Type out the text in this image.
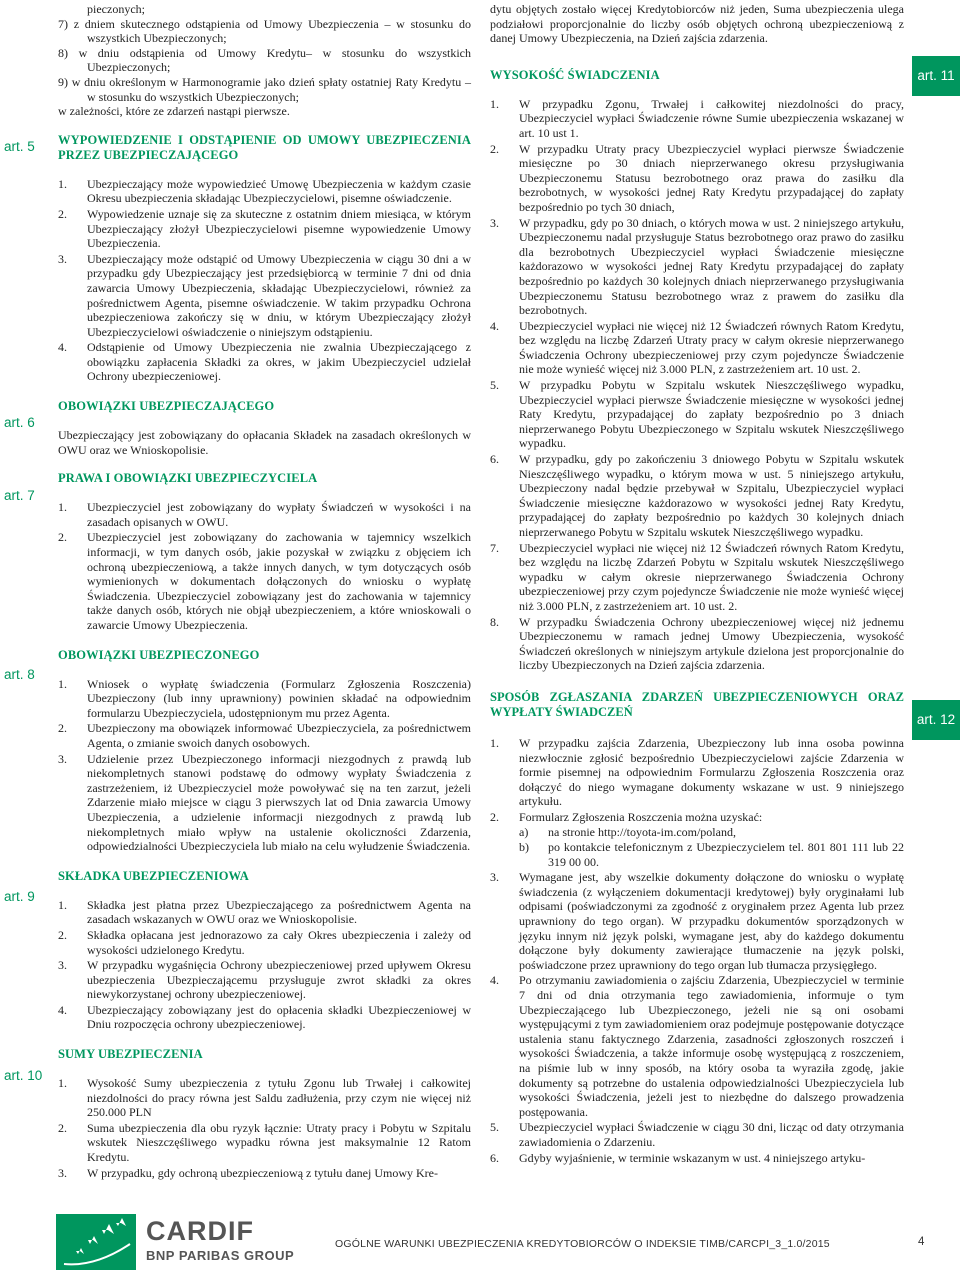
art. 5
art. 6
art. 7
art. 8
art. 9
art. 10
art. 11
art. 12
pieczonych;
7) z dniem skutecznego odstąpienia od Umowy Ubezpieczenia – w stosunku do wszystkich Ubezpieczonych;
8) w dniu odstąpienia od Umowy Kredytu– w stosunku do wszystkich Ubezpieczonych;
9) w dniu określonym w Harmonogramie jako dzień spłaty ostatniej Raty Kredytu – w stosunku do wszystkich Ubezpieczonych;
w zależności, które ze zdarzeń nastąpi pierwsze.
WYPOWIEDZENIE I ODSTĄPIENIE OD UMOWY UBEZPIECZENIA PRZEZ UBEZPIECZAJĄCEGO
1. Ubezpieczający może wypowiedzieć Umowę Ubezpieczenia w każdym czasie Okresu ubezpieczenia składając Ubezpieczycielowi, pisemne oświadczenie.
2. Wypowiedzenie uznaje się za skuteczne z ostatnim dniem miesiąca, w którym Ubezpieczający złożył Ubezpieczycielowi pisemne wypowiedzenie Umowy Ubezpieczenia.
3. Ubezpieczający może odstąpić od Umowy Ubezpieczenia w ciągu 30 dni a w przypadku gdy Ubezpieczający jest przedsiębiorcą w terminie 7 dni od dnia zawarcia Umowy Ubezpieczenia, składając Ubezpieczycielowi, również za pośrednictwem Agenta, pisemne oświadczenie. W takim przypadku Ochrona ubezpieczeniowa zakończy się w dniu, w którym Ubezpieczający złożył Ubezpieczycielowi oświadczenie o niniejszym odstąpieniu.
4. Odstąpienie od Umowy Ubezpieczenia nie zwalnia Ubezpieczającego z obowiązku zapłacenia Składki za okres, w jakim Ubezpieczyciel udzielał Ochrony ubezpieczeniowej.
OBOWIĄZKI UBEZPIECZAJĄCEGO
Ubezpieczający jest zobowiązany do opłacania Składek na zasadach określonych w OWU oraz we Wnioskopolisie.
PRAWA I OBOWIĄZKI UBEZPIECZYCIELA
1. Ubezpieczyciel jest zobowiązany do wypłaty Świadczeń w wysokości i na zasadach opisanych w OWU.
2. Ubezpieczyciel jest zobowiązany do zachowania w tajemnicy wszelkich informacji, w tym danych osób, jakie pozyskał w związku z objęciem ich ochroną ubezpieczeniową, a także innych danych, w tym dotyczących osób wymienionych w dokumentach dołączonych do wniosku o wypłatę Świadczenia. Ubezpieczyciel zobowiązany jest do zachowania w tajemnicy także danych osób, których nie objął ubezpieczeniem, a które wnioskowali o zawarcie Umowy Ubezpieczenia.
OBOWIĄZKI UBEZPIECZONEGO
1. Wniosek o wypłatę świadczenia (Formularz Zgłoszenia Roszczenia) Ubezpieczony (lub inny uprawniony) powinien składać na odpowiednim formularzu Ubezpieczyciela, udostępnionym mu przez Agenta.
2. Ubezpieczony ma obowiązek informować Ubezpieczyciela, za pośrednictwem Agenta, o zmianie swoich danych osobowych.
3. Udzielenie przez Ubezpieczonego informacji niezgodnych z prawdą lub niekompletnych stanowi podstawę do odmowy wypłaty Świadczenia z zastrzeżeniem, iż Ubezpieczyciel może powoływać się na ten zarzut, jeżeli Zdarzenie miało miejsce w ciągu 3 pierwszych lat od Dnia zawarcia Umowy Ubezpieczenia, a udzielenie informacji niezgodnych z prawdą lub niekompletnych miało wpływ na ustalenie okoliczności Zdarzenia, odpowiedzialności Ubezpieczyciela lub miało na celu wyłudzenie Świadczenia.
SKŁADKA UBEZPIECZENIOWA
1. Składka jest płatna przez Ubezpieczającego za pośrednictwem Agenta na zasadach wskazanych w OWU oraz we Wnioskopolisie.
2. Składka opłacana jest jednorazowo za cały Okres ubezpieczenia i zależy od wysokości udzielonego Kredytu.
3. W przypadku wygaśnięcia Ochrony ubezpieczeniowej przed upływem Okresu ubezpieczenia Ubezpieczającemu przysługuje zwrot składki za okres niewykorzystanej ochrony ubezpieczeniowej.
4. Ubezpieczający zobowiązany jest do opłacenia składki Ubezpieczeniowej w Dniu rozpoczęcia ochrony ubezpieczeniowej.
SUMY UBEZPIECZENIA
1. Wysokość Sumy ubezpieczenia z tytułu Zgonu lub Trwałej i całkowitej niezdolności do pracy równa jest Saldu zadłużenia, przy czym nie więcej niż 250.000 PLN
2. Suma ubezpieczenia dla obu ryzyk łącznie: Utraty pracy i Pobytu w Szpitalu wskutek Nieszczęśliwego wypadku równa jest maksymalnie 12 Ratom Kredytu.
3. W przypadku, gdy ochroną ubezpieczeniową z tytułu danej Umowy Kre-
dytu objętych zostało więcej Kredytobiorców niż jeden, Suma ubezpieczenia ulega podziałowi proporcjonalnie do liczby osób objętych ochroną ubezpieczeniową z danej Umowy Ubezpieczenia, na Dzień zajścia zdarzenia.
WYSOKOŚĆ ŚWIADCZENIA
1. W przypadku Zgonu, Trwałej i całkowitej niezdolności do pracy, Ubezpieczyciel wypłaci Świadczenie równe Sumie ubezpieczenia wskazanej w art. 10 ust 1.
2. W przypadku Utraty pracy Ubezpieczyciel wypłaci pierwsze Świadczenie miesięczne po 30 dniach nieprzerwanego okresu przysługiwania Ubezpieczonemu Statusu bezrobotnego oraz prawa do zasiłku dla bezrobotnych, w wysokości jednej Raty Kredytu przypadającej do zapłaty bezpośrednio po tych 30 dniach,
3. W przypadku, gdy po 30 dniach, o których mowa w ust. 2 niniejszego artykułu, Ubezpieczonemu nadal przysługuje Status bezrobotnego oraz prawo do zasiłku dla bezrobotnych Ubezpieczyciel wypłaci Świadczenie miesięczne każdorazowo w wysokości jednej Raty Kredytu przypadającej do zapłaty bezpośrednio po każdych 30 kolejnych dniach nieprzerwanego przysługiwania Ubezpieczonemu Statusu bezrobotnego wraz z prawem do zasiłku dla bezrobotnych.
4. Ubezpieczyciel wypłaci nie więcej niż 12 Świadczeń równych Ratom Kredytu, bez względu na liczbę Zdarzeń Utraty pracy w całym okresie nieprzerwanego Świadczenia Ochrony ubezpieczeniowej przy czym pojedyncze Świadczenie nie może wynieść więcej niż 3.000 PLN, z zastrzeżeniem art. 10 ust. 2.
5. W przypadku Pobytu w Szpitalu wskutek Nieszczęśliwego wypadku, Ubezpieczyciel wypłaci pierwsze Świadczenie miesięczne w wysokości jednej Raty Kredytu, przypadającej do zapłaty bezpośrednio po 3 dniach nieprzerwanego Pobytu Ubezpieczonego w Szpitalu wskutek Nieszczęśliwego wypadku.
6. W przypadku, gdy po zakończeniu 3 dniowego Pobytu w Szpitalu wskutek Nieszczęśliwego wypadku, o którym mowa w ust. 5 niniejszego artykułu, Ubezpieczony nadal będzie przebywał w Szpitalu, Ubezpieczyciel wypłaci Świadczenie miesięczne każdorazowo w wysokości jednej Raty Kredytu, przypadającej do zapłaty bezpośrednio po każdych 30 kolejnych dniach nieprzerwanego Pobytu w Szpitalu wskutek Nieszczęśliwego wypadku.
7. Ubezpieczyciel wypłaci nie więcej niż 12 Świadczeń równych Ratom Kredytu, bez względu na liczbę Zdarzeń Pobytu w Szpitalu wskutek Nieszczęśliwego wypadku w całym okresie nieprzerwanego Świadczenia Ochrony ubezpieczeniowej przy czym pojedyncze Świadczenie nie może wynieść więcej niż 3.000 PLN, z zastrzeżeniem art. 10 ust. 2.
8. W przypadku Świadczenia Ochrony ubezpieczeniowej więcej niż jednemu Ubezpieczonemu w ramach jednej Umowy Ubezpieczenia, wysokość Świadczeń określonych w niniejszym artykule dzielona jest proporcjonalnie do liczby Ubezpieczonych na Dzień zajścia zdarzenia.
SPOSÓB ZGŁASZANIA ZDARZEŃ UBEZPIECZENIOWYCH ORAZ WYPŁATY ŚWIADCZEŃ
1. W przypadku zajścia Zdarzenia, Ubezpieczony lub inna osoba powinna niezwłocznie zgłosić bezpośrednio Ubezpieczycielowi zajście Zdarzenia w formie pisemnej na odpowiednim Formularzu Zgłoszenia Roszczenia oraz dołączyć do niego wymagane dokumenty wskazane w ust. 9 niniejszego artykułu.
2. Formularz Zgłoszenia Roszczenia można uzyskać:
a) na stronie http://toyota-im.com/poland,
b) po kontakcie telefonicznym z Ubezpieczycielem tel. 801 801 111 lub 22 319 00 00.
3. Wymagane jest, aby wszelkie dokumenty dołączone do wniosku o wypłatę świadczenia (z wyłączeniem dokumentacji kredytowej) były oryginałami lub odpisami (poświadczonymi za zgodność z oryginałem przez Agenta lub przez uprawniony do tego organ). W przypadku dokumentów sporządzonych w języku innym niż język polski, wymagane jest, aby do każdego dokumentu dołączone były dokumenty zawierające tłumaczenie na język polski, poświadczone przez uprawniony do tego organ lub tłumacza przysięgłego.
4. Po otrzymaniu zawiadomienia o zajściu Zdarzenia, Ubezpieczyciel w terminie 7 dni od dnia otrzymania tego zawiadomienia, informuje o tym Ubezpieczającego lub Ubezpieczonego, jeżeli nie są oni osobami występującymi z tym zawiadomieniem oraz podejmuje postępowanie dotyczące ustalenia stanu faktycznego Zdarzenia, zasadności zgłoszonych roszczeń i wysokości Świadczenia, a także informuje osobę występującą z roszczeniem, na piśmie lub w inny sposób, na który osoba ta wyraziła zgodę, jakie dokumenty są potrzebne do ustalenia odpowiedzialności Ubezpieczyciela lub wysokości Świadczenia, jeżeli jest to niezbędne do dalszego prowadzenia postępowania.
5. Ubezpieczyciel wypłaci Świadczenie w ciągu 30 dni, licząc od daty otrzymania zawiadomienia o Zdarzeniu.
6. Gdyby wyjaśnienie, w terminie wskazanym w ust. 4 niniejszego artyku-
CARDIF
BNP PARIBAS GROUP
OGÓLNE WARUNKI UBEZPIECZENIA KREDYTOBIORCÓW O INDEKSIE TIMB/CARCPI_3_1.0/2015	4
